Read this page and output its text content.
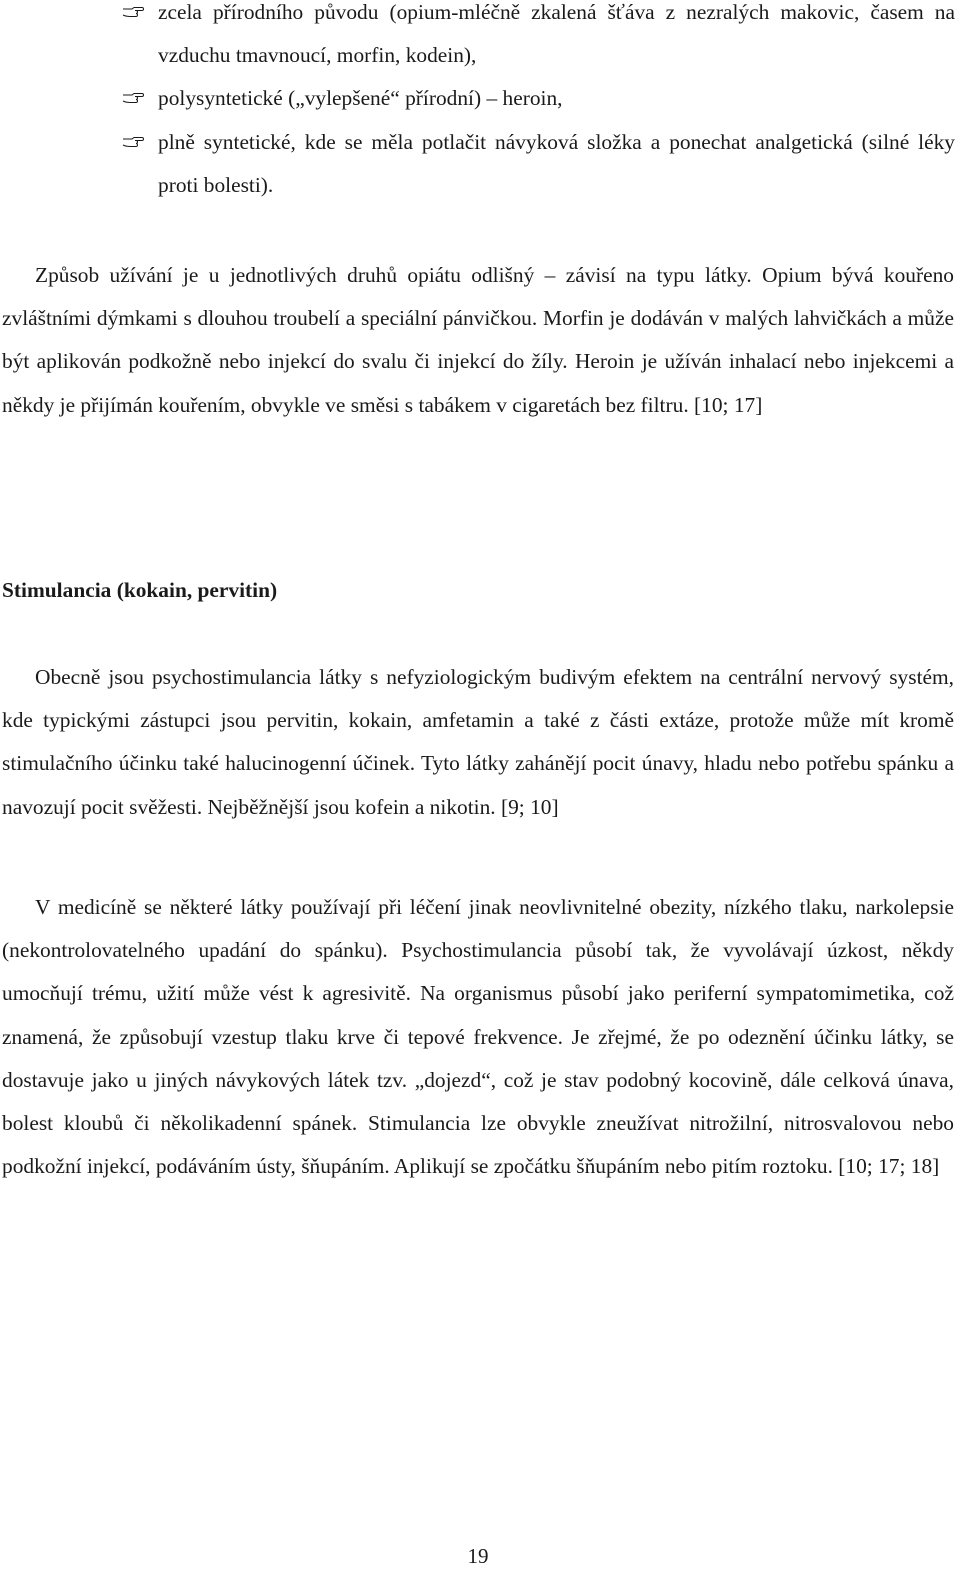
zcela přírodního původu (opium-mléčně zkalená šťáva z nezralých makovic, časem na vzduchu tmavnoucí, morfin, kodein),
polysyntetické („vylepšené“ přírodní) – heroin,
plně syntetické, kde se měla potlačit návyková složka a ponechat analgetická (silné léky proti bolesti).

Způsob užívání je u jednotlivých druhů opiátu odlišný – závisí na typu látky. Opium bývá kouřeno zvláštními dýmkami s dlouhou troubelí a speciální pánvičkou. Morfin je dodáván v malých lahvičkách a může být aplikován podkožně nebo injekcí do svalu či injekcí do žíly. Heroin je užíván inhalací nebo injekcemi a někdy je přijímán kouřením, obvykle ve směsi s tabákem v cigaretách bez filtru. [10; 17]

Stimulancia (kokain, pervitin)

Obecně jsou psychostimulancia látky s nefyziologickým budivým efektem na centrální nervový systém, kde typickými zástupci jsou pervitin, kokain, amfetamin a také z části extáze, protože může mít kromě stimulačního účinku také halucinogenní účinek. Tyto látky zahánějí pocit únavy, hladu nebo potřebu spánku a navozují pocit svěžesti. Nejběžnější jsou kofein a nikotin. [9; 10]

V medicíně se některé látky používají při léčení jinak neovlivnitelné obezity, nízkého tlaku, narkolepsie (nekontrolovatelného upadání do spánku). Psychostimulancia působí tak, že vyvolávají úzkost, někdy umocňují trému, užití může vést k agresivitě. Na organismus působí jako periferní sympatomimetika, což znamená, že způsobují vzestup tlaku krve či tepové frekvence. Je zřejmé, že po odeznění účinku látky, se dostavuje jako u jiných návykových látek tzv. „dojezd“, což je stav podobný kocovině, dále celková únava, bolest kloubů či několikadenní spánek. Stimulancia lze obvykle zneužívat nitrožilní, nitrosvalovou nebo podkožní injekcí, podáváním ústy, šňupáním. Aplikují se zpočátku šňupáním nebo pitím roztoku. [10; 17; 18]

19
